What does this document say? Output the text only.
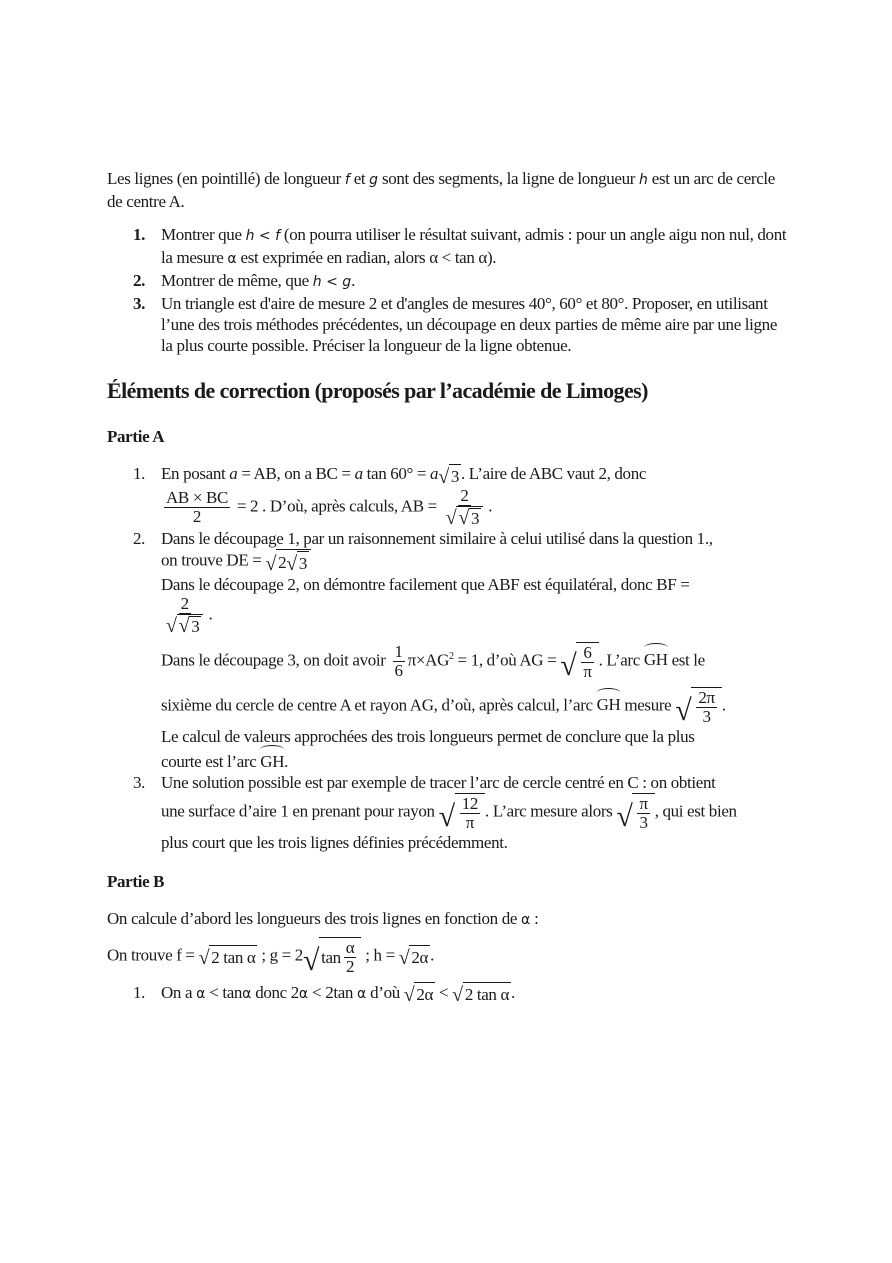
Les lignes (en pointillé) de longueur f et g sont des segments, la ligne de longueur h est un arc de cercle de centre A.

1. Montrer que h < f (on pourra utiliser le résultat suivant, admis : pour un angle aigu non nul, dont la mesure α est exprimée en radian, alors α < tan α).
2. Montrer de même, que h < g.
3. Un triangle est d'aire de mesure 2 et d'angles de mesures 40°, 60° et 80°. Proposer, en utilisant l’une des trois méthodes précédentes, un découpage en deux parties de même aire par une ligne la plus courte possible. Préciser la longueur de la ligne obtenue.
Éléments de correction (proposés par l’académie de Limoges)
Partie A
1. En posant a = AB, on a BC = a tan 60° = a √ 3 . L’aire de ABC vaut 2, donc
$\frac{AB \times BC}{2} = 2$ . D’où, après calculs, AB = $\frac{2}{√ √ 3}$ .
2. Dans le découpage 1, par un raisonnement similaire à celui utilisé dans la question 1.,
on trouve DE = √ 2 √ 3
Dans le découpage 2, on démontre facilement que ABF est équilatéral, donc BF =
$\frac{2}{√ √ 3}$ .
Dans le découpage 3, on doit avoir $\frac{1}{6} \pi\times AG^2 = 1$, d’où AG = √ $\frac{6}{\pi}$ . L’arc GH est le
sixième du cercle de centre A et rayon AG, d’où, après calcul, l’arc GH mesure √ $\frac{2\pi}{3}$ .
Le calcul de valeurs approchées des trois longueurs permet de conclure que la plus
courte est l’arc GH.
3. Une solution possible est par exemple de tracer l’arc de cercle centré en C : on obtient
une surface d’aire 1 en prenant pour rayon √ $\frac{12}{\pi}$ . L’arc mesure alors √ $\frac{\pi}{3}$ , qui est bien
plus court que les trois lignes définies précédemment.
Partie B

On calcule d’abord les longueurs des trois lignes en fonction de α :

On trouve f = √ 2 tan α ; g = 2 √ $\tan \frac{\alpha}{2}$ ; h = √ 2α .

1. On a α < tanα donc 2α < 2tan α d’où √ 2α < √ 2 tan α .
